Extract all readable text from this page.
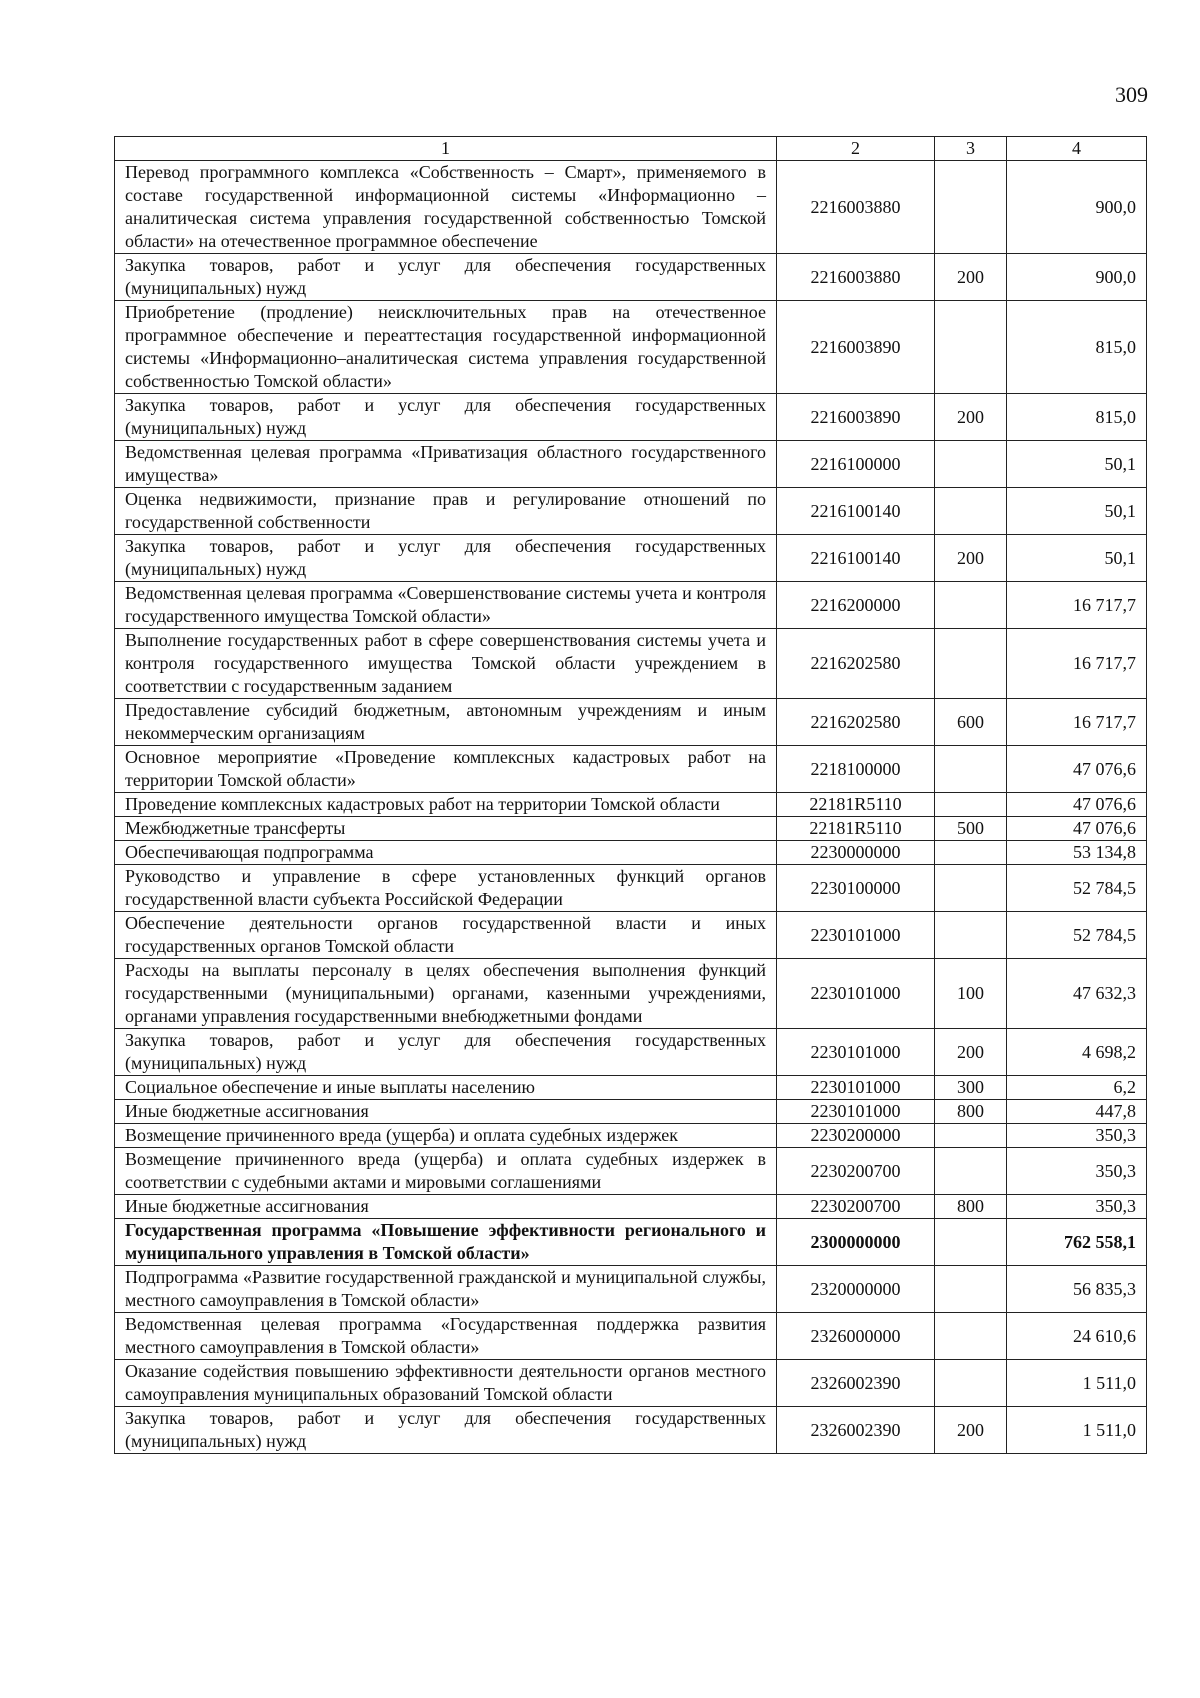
309
1	2	3	4
Перевод программного комплекса «Собственность – Смарт», применяемого в составе государственной информационной системы «Информационно – аналитическая система управления государственной собственностью Томской области» на отечественное программное обеспечение	2216003880		900,0
Закупка товаров, работ и услуг для обеспечения государственных (муниципальных) нужд	2216003880	200	900,0
Приобретение (продление) неисключительных прав на отечественное программное обеспечение и переаттестация государственной информационной системы «Информационно–аналитическая система управления государственной собственностью Томской области»	2216003890		815,0
Закупка товаров, работ и услуг для обеспечения государственных (муниципальных) нужд	2216003890	200	815,0
Ведомственная целевая программа «Приватизация областного государственного имущества»	2216100000		50,1
Оценка недвижимости, признание прав и регулирование отношений по государственной собственности	2216100140		50,1
Закупка товаров, работ и услуг для обеспечения государственных (муниципальных) нужд	2216100140	200	50,1
Ведомственная целевая программа «Совершенствование системы учета и контроля государственного имущества Томской области»	2216200000		16 717,7
Выполнение государственных работ в сфере совершенствования системы учета и контроля государственного имущества Томской области учреждением в соответствии с государственным заданием	2216202580		16 717,7
Предоставление субсидий бюджетным, автономным учреждениям и иным некоммерческим организациям	2216202580	600	16 717,7
Основное мероприятие «Проведение комплексных кадастровых работ на территории Томской области»	2218100000		47 076,6
Проведение комплексных кадастровых работ на территории Томской области	22181R5110		47 076,6
Межбюджетные трансферты	22181R5110	500	47 076,6
Обеспечивающая подпрограмма	2230000000		53 134,8
Руководство и управление в сфере установленных функций органов государственной власти субъекта Российской Федерации	2230100000		52 784,5
Обеспечение деятельности органов государственной власти и иных государственных органов Томской области	2230101000		52 784,5
Расходы на выплаты персоналу в целях обеспечения выполнения функций государственными (муниципальными) органами, казенными учреждениями, органами управления государственными внебюджетными фондами	2230101000	100	47 632,3
Закупка товаров, работ и услуг для обеспечения государственных (муниципальных) нужд	2230101000	200	4 698,2
Социальное обеспечение и иные выплаты населению	2230101000	300	6,2
Иные бюджетные ассигнования	2230101000	800	447,8
Возмещение причиненного вреда (ущерба) и оплата судебных издержек	2230200000		350,3
Возмещение причиненного вреда (ущерба) и оплата судебных издержек в соответствии с судебными актами и мировыми соглашениями	2230200700		350,3
Иные бюджетные ассигнования	2230200700	800	350,3
Государственная программа «Повышение эффективности регионального и муниципального управления в Томской области»	2300000000		762 558,1
Подпрограмма «Развитие государственной гражданской и муниципальной службы, местного самоуправления в Томской области»	2320000000		56 835,3
Ведомственная целевая программа «Государственная поддержка развития местного самоуправления в Томской области»	2326000000		24 610,6
Оказание содействия повышению эффективности деятельности органов местного самоуправления муниципальных образований Томской области	2326002390		1 511,0
Закупка товаров, работ и услуг для обеспечения государственных (муниципальных) нужд	2326002390	200	1 511,0
